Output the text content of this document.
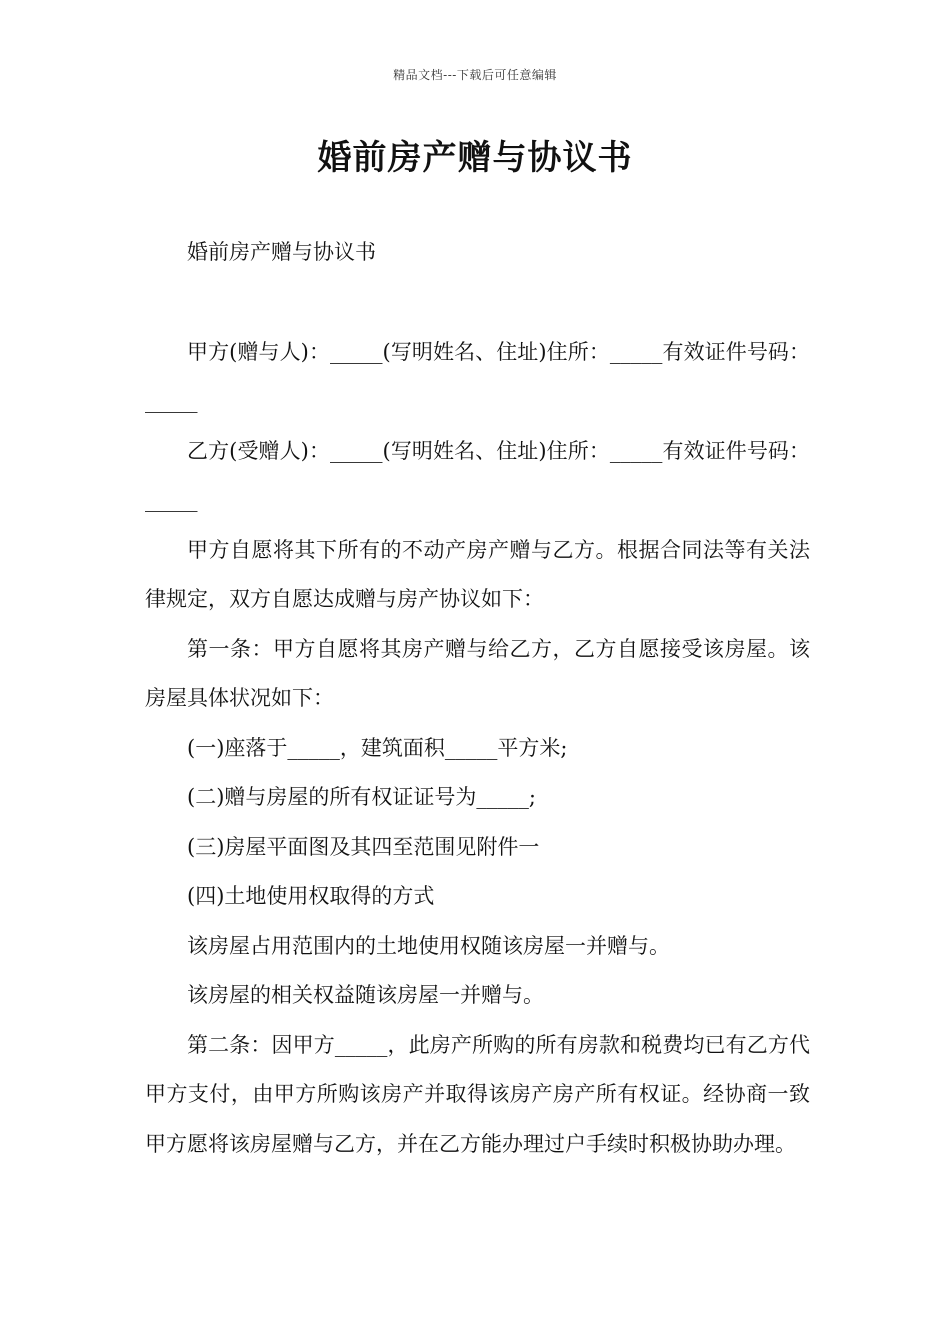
精品文档---下载后可任意编辑
婚前房产赠与协议书

婚前房产赠与协议书

甲方(赠与人)：_____(写明姓名、住址)住所：_____有效证件号码：_____

乙方(受赠人)：_____(写明姓名、住址)住所：_____有效证件号码：_____

甲方自愿将其下所有的不动产房产赠与乙方。根据合同法等有关法律规定，双方自愿达成赠与房产协议如下：

第一条：甲方自愿将其房产赠与给乙方，乙方自愿接受该房屋。该房屋具体状况如下：

(一)座落于_____，建筑面积_____平方米;

(二)赠与房屋的所有权证证号为_____;

(三)房屋平面图及其四至范围见附件一

(四)土地使用权取得的方式

该房屋占用范围内的土地使用权随该房屋一并赠与。

该房屋的相关权益随该房屋一并赠与。

第二条：因甲方_____，此房产所购的所有房款和税费均已有乙方代甲方支付，由甲方所购该房产并取得该房产房产所有权证。经协商一致甲方愿将该房屋赠与乙方，并在乙方能办理过户手续时积极协助办理。
